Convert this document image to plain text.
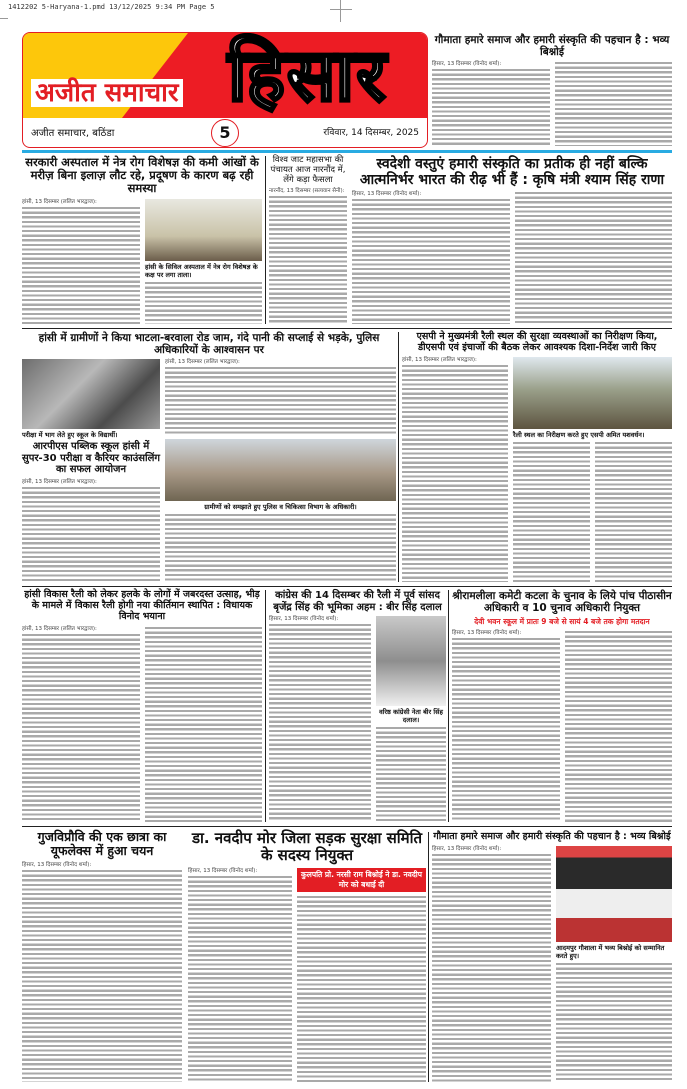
1412202 5-Haryana-1.pmd 13/12/2025 9:34 PM Page 5
अजीत समाचार हिसार
अजीत समाचार, बठिंडा	5	रविवार, 14 दिसम्बर, 2025
गौमाता हमारे समाज और हमारी संस्कृति की पहचान है : भव्य बिश्नोई
हिसार, 13 दिसम्बर (विनोद शर्मा):
सरकारी अस्पताल में नेत्र रोग विशेषज्ञ की कमी आंखों के मरीज़ बिना इलाज़ लौट रहे, प्रदूषण के कारण बढ़ रही समस्या
हांसी, 13 दिसम्बर (ललित भारद्वाज):
हांसी के सिविल अस्पताल में नेत्र रोग विशेषज्ञ के कक्ष पर लगा ताला।
विश्व जाट महासभा की पंचायत आज नारनौंद में, लेंगे कड़ा फैसला
नारनौंद, 13 दिसम्बर (सत्यवान सैनी):
स्वदेशी वस्तुएं हमारी संस्कृति का प्रतीक ही नहीं बल्कि आत्मनिर्भर भारत की रीढ़ भी हैं : कृषि मंत्री श्याम सिंह राणा
हिसार, 13 दिसम्बर (विनोद शर्मा):
हांसी में ग्रामीणों ने किया भाटला-बरवाला रोड जाम, गंदे पानी की सप्लाई से भड़के, पुलिस अधिकारियों के आश्वासन पर
परीक्षा में भाग लेते हुए स्कूल के विद्यार्थी।
आरपीएस पब्लिक स्कूल हांसी में सुपर-30 परीक्षा व कैरियर काउंसलिंग का सफल आयोजन
हांसी, 13 दिसम्बर (ललित भारद्वाज):
हांसी, 13 दिसम्बर (ललित भारद्वाज):
ग्रामीणों को समझाते हुए पुलिस व चिकित्सा विभाग के अधिकारी।
एसपी ने मुख्यमंत्री रैली स्थल की सुरक्षा व्यवस्थाओं का निरीक्षण किया, डीएसपी एवं इंचार्जो की बैठक लेकर आवश्यक दिशा-निर्देश जारी किए
हांसी, 13 दिसम्बर (ललित भारद्वाज):
रैली स्थल का निरीक्षण करते हुए एसपी अमित यशवर्धन।
हांसी विकास रैली को लेकर हलके के लोगों में जबरदस्त उत्साह, भीड़ के मामले में विकास रैली होगी नया कीर्तिमान स्थापित : विधायक विनोद भयाना
हांसी, 13 दिसम्बर (ललित भारद्वाज):
कांग्रेस की 14 दिसम्बर की रैली में पूर्व सांसद बृजेंद्र सिंह की भूमिका अहम : बीर सिंह दलाल
हिसार, 13 दिसम्बर (विनोद शर्मा):
वरिष्ठ कांग्रेसी नेता बीर सिंह दलाल।
श्रीरामलीला कमेटी कटला के चुनाव के लिये पांच पीठासीन अधिकारी व 10 चुनाव अधिकारी नियुक्त
देवी भवन स्कूल में प्रातः 9 बजे से सायं 4 बजे तक होगा मतदान
हिसार, 13 दिसम्बर (विनोद शर्मा):
गुजविप्रौवि की एक छात्रा का यूफलेक्स में हुआ चयन
हिसार, 13 दिसम्बर (विनोद शर्मा):
डा. नवदीप मोर जिला सड़क सुरक्षा समिति के सदस्य नियुक्त
हिसार, 13 दिसम्बर (विनोद शर्मा):	कुलपति प्रो. नरसी राम बिश्नोई ने डा. नवदीप मोर को बधाई दी
गौमाता हमारे समाज और हमारी संस्कृति की पहचान है : भव्य बिश्नोई
हिसार, 13 दिसम्बर (विनोद शर्मा):
आदमपुर गौशाला में भव्य बिश्नोई को सम्मानित करते हुए।
